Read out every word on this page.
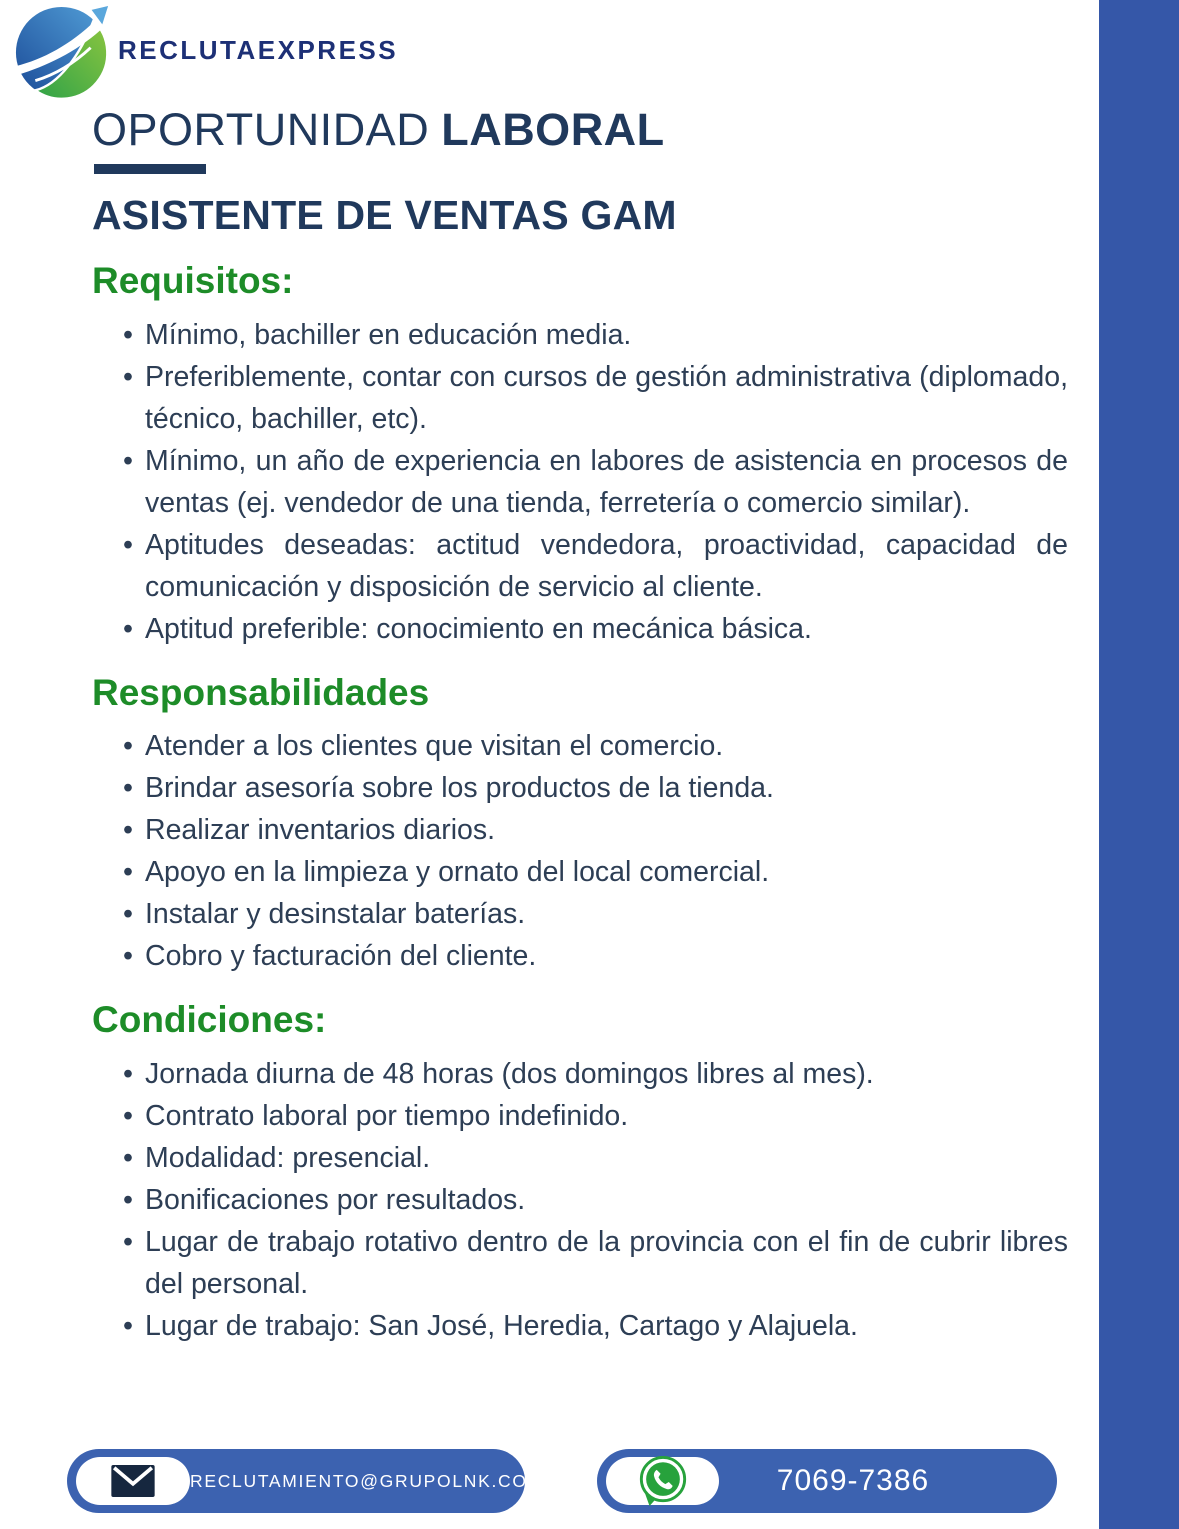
RECLUTAEXPRESS
OPORTUNIDAD LABORAL
ASISTENTE DE VENTAS GAM
Requisitos:
• Mínimo, bachiller en educación media.
• Preferiblemente, contar con cursos de gestión administrativa (diplomado, técnico, bachiller, etc).
• Mínimo, un año de experiencia en labores de asistencia en procesos de ventas (ej. vendedor de una tienda, ferretería o comercio similar).
• Aptitudes deseadas: actitud vendedora, proactividad, capacidad de comunicación y disposición de servicio al cliente.
• Aptitud preferible: conocimiento en mecánica básica.
Responsabilidades
• Atender a los clientes que visitan el comercio.
• Brindar asesoría sobre los productos de la tienda.
• Realizar inventarios diarios.
• Apoyo en la limpieza y ornato del local comercial.
• Instalar y desinstalar baterías.
• Cobro y facturación del cliente.
Condiciones:
• Jornada diurna de 48 horas (dos domingos libres al mes).
• Contrato laboral por tiempo indefinido.
• Modalidad: presencial.
• Bonificaciones por resultados.
• Lugar de trabajo rotativo dentro de la provincia con el fin de cubrir libres del personal.
• Lugar de trabajo: San José, Heredia, Cartago y Alajuela.
RECLUTAMIENTO@GRUPOLNK.COM	7069-7386
